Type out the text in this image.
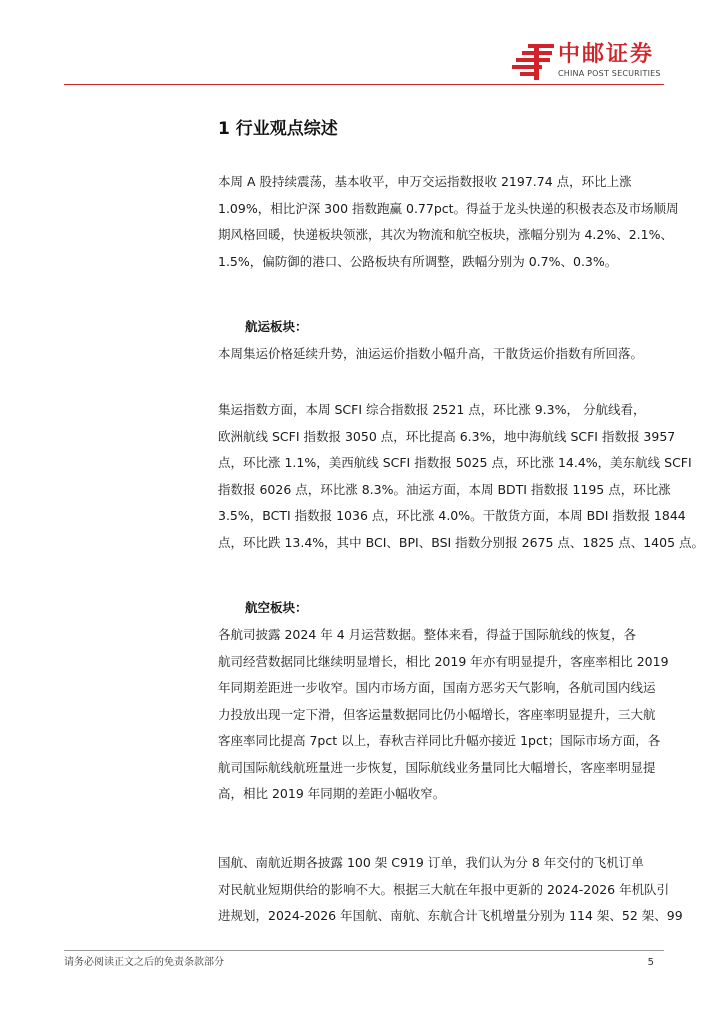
中邮证券
CHINA POST SECURITIES
1 行业观点综述
本周 A 股持续震荡，基本收平，申万交运指数报收 2197.74 点，环比上涨
1.09%，相比沪深 300 指数跑赢 0.77pct。得益于龙头快递的积极表态及市场顺周
期风格回暖，快递板块领涨，其次为物流和航空板块，涨幅分别为 4.2%、2.1%、
1.5%，偏防御的港口、公路板块有所调整，跌幅分别为 0.7%、0.3%。
航运板块：
本周集运价格延续升势，油运运价指数小幅升高，干散货运价指数有所回落。
集运指数方面，本周 SCFI 综合指数报 2521 点，环比涨 9.3%， 分航线看，
欧洲航线 SCFI 指数报 3050 点，环比提高 6.3%，地中海航线 SCFI 指数报 3957
点，环比涨 1.1%，美西航线 SCFI 指数报 5025 点，环比涨 14.4%，美东航线 SCFI
指数报 6026 点，环比涨 8.3%。油运方面，本周 BDTI 指数报 1195 点，环比涨
3.5%，BCTI 指数报 1036 点，环比涨 4.0%。干散货方面，本周 BDI 指数报 1844
点，环比跌 13.4%，其中 BCI、BPI、BSI 指数分别报 2675 点、1825 点、1405 点。
航空板块：
各航司披露 2024 年 4 月运营数据。整体来看，得益于国际航线的恢复，各
航司经营数据同比继续明显增长，相比 2019 年亦有明显提升，客座率相比 2019
年同期差距进一步收窄。国内市场方面，国南方恶劣天气影响，各航司国内线运
力投放出现一定下滑，但客运量数据同比仍小幅增长，客座率明显提升，三大航
客座率同比提高 7pct 以上，春秋吉祥同比升幅亦接近 1pct；国际市场方面，各
航司国际航线航班量进一步恢复，国际航线业务量同比大幅增长，客座率明显提
高，相比 2019 年同期的差距小幅收窄。
国航、南航近期各披露 100 架 C919 订单，我们认为分 8 年交付的飞机订单
对民航业短期供给的影响不大。根据三大航在年报中更新的 2024-2026 年机队引
进规划，2024-2026 年国航、南航、东航合计飞机增量分别为 114 架、52 架、99
请务必阅读正文之后的免责条款部分	5
